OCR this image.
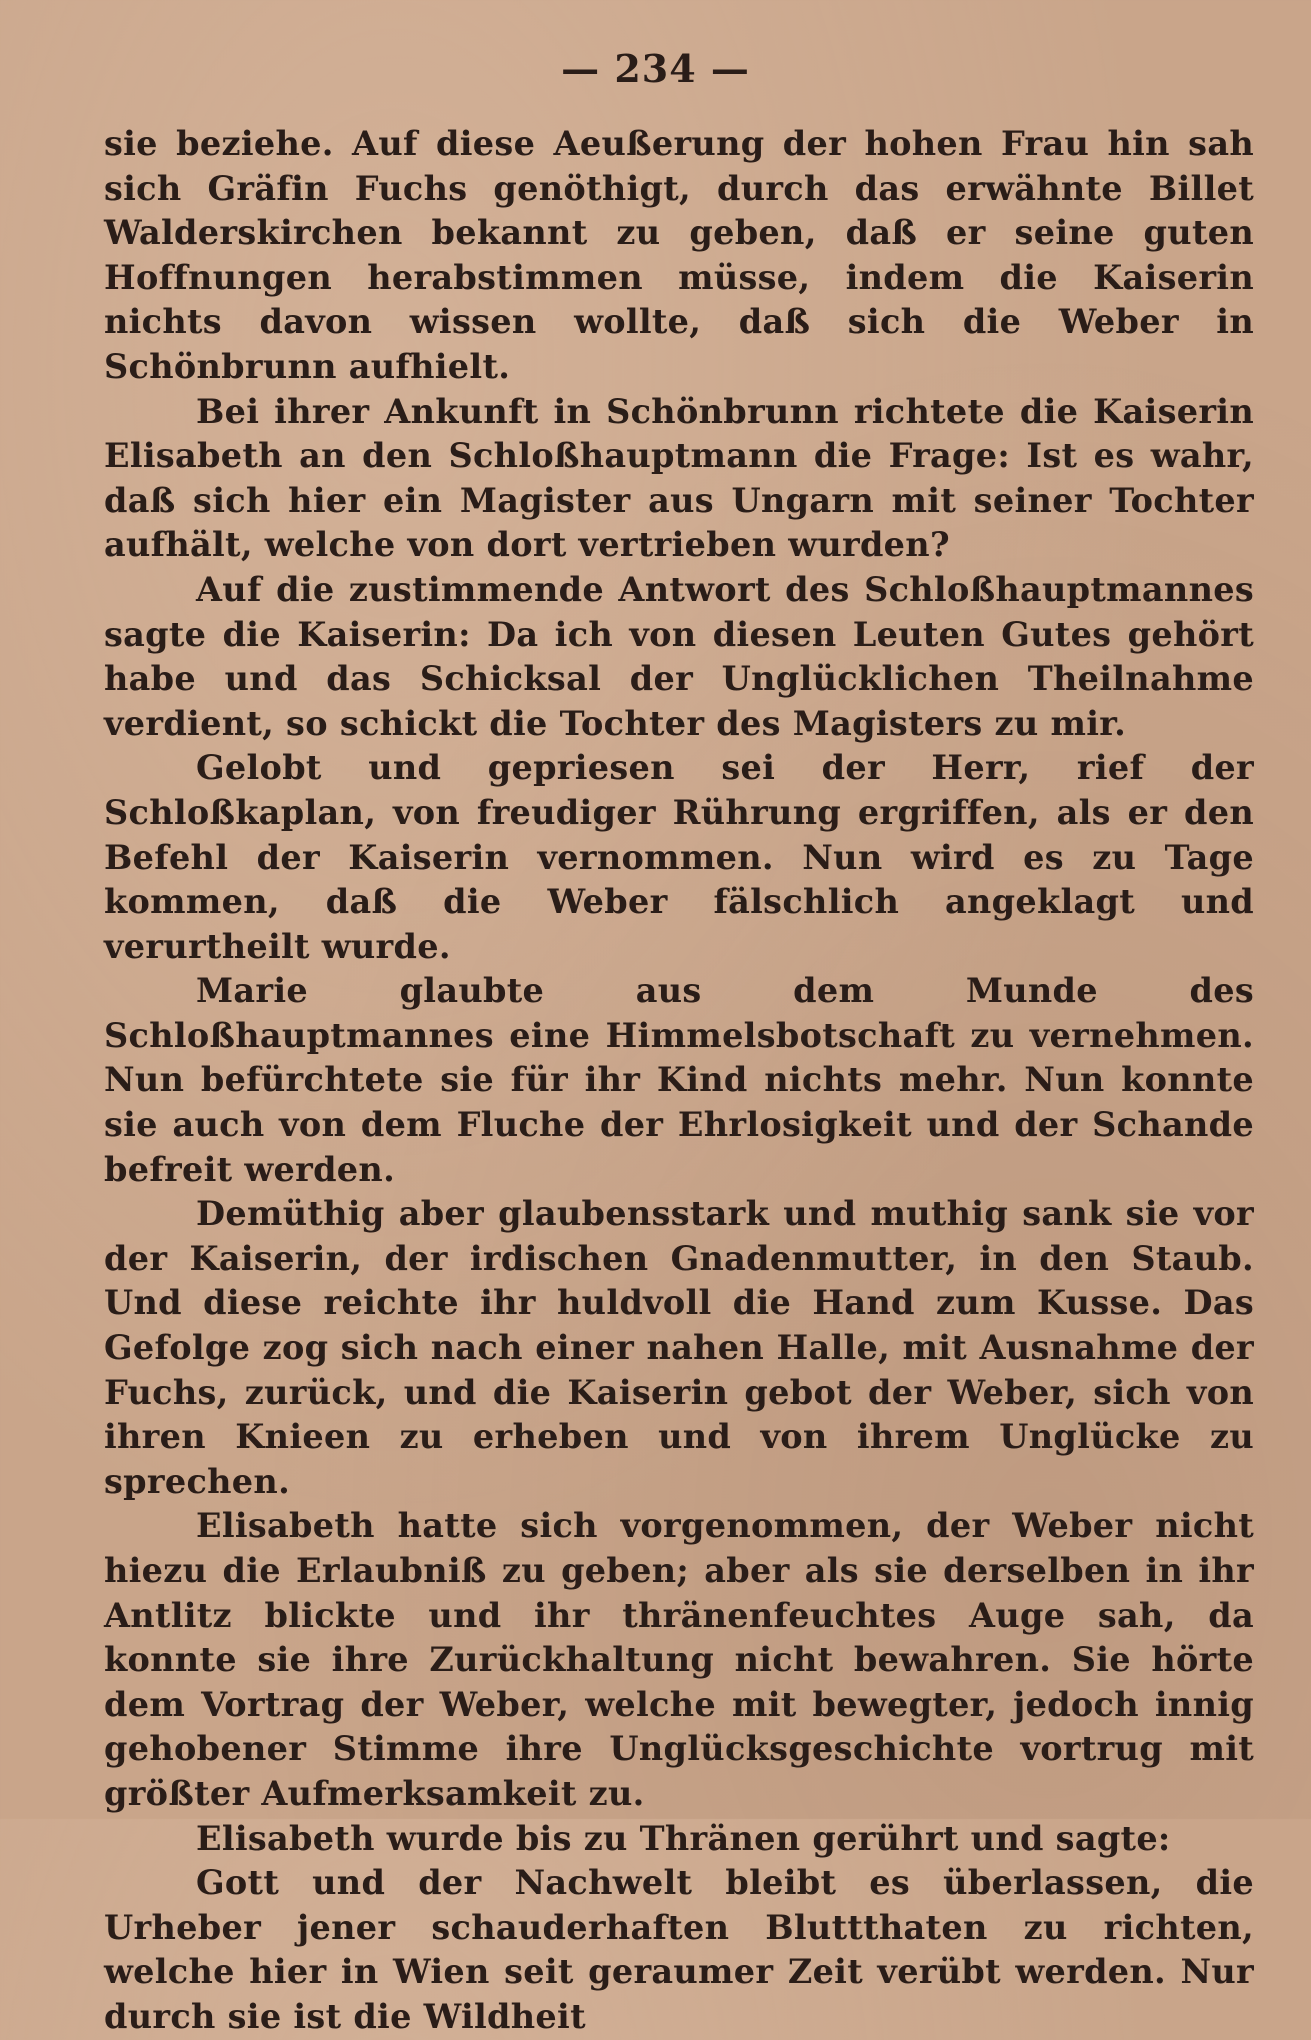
— 234 —

sie beziehe. Auf diese Aeußerung der hohen Frau hin sah sich Gräfin Fuchs genöthigt, durch das erwähnte Billet Walderskirchen bekannt zu geben, daß er seine guten Hoffnungen herabstimmen müsse, indem die Kaiserin nichts davon wissen wollte, daß sich die Weber in Schönbrunn aufhielt.

Bei ihrer Ankunft in Schönbrunn richtete die Kaiserin Elisabeth an den Schloßhauptmann die Frage: Ist es wahr, daß sich hier ein Magister aus Ungarn mit seiner Tochter aufhält, welche von dort vertrieben wurden?

Auf die zustimmende Antwort des Schloßhauptmannes sagte die Kaiserin: Da ich von diesen Leuten Gutes gehört habe und das Schicksal der Unglücklichen Theilnahme verdient, so schickt die Tochter des Magisters zu mir.

Gelobt und gepriesen sei der Herr, rief der Schloßkaplan, von freudiger Rührung ergriffen, als er den Befehl der Kaiserin vernommen. Nun wird es zu Tage kommen, daß die Weber fälschlich angeklagt und verurtheilt wurde.

Marie glaubte aus dem Munde des Schloßhauptmannes eine Himmelsbotschaft zu vernehmen. Nun befürchtete sie für ihr Kind nichts mehr. Nun konnte sie auch von dem Fluche der Ehrlosigkeit und der Schande befreit werden.

Demüthig aber glaubensstark und muthig sank sie vor der Kaiserin, der irdischen Gnadenmutter, in den Staub. Und diese reichte ihr huldvoll die Hand zum Kusse. Das Gefolge zog sich nach einer nahen Halle, mit Ausnahme der Fuchs, zurück, und die Kaiserin gebot der Weber, sich von ihren Knieen zu erheben und von ihrem Unglücke zu sprechen.

Elisabeth hatte sich vorgenommen, der Weber nicht hiezu die Erlaubniß zu geben; aber als sie derselben in ihr Antlitz blickte und ihr thränenfeuchtes Auge sah, da konnte sie ihre Zurückhaltung nicht bewahren. Sie hörte dem Vortrag der Weber, welche mit bewegter, jedoch innig gehobener Stimme ihre Unglücksgeschichte vortrug mit größter Aufmerksamkeit zu.

Elisabeth wurde bis zu Thränen gerührt und sagte:

Gott und der Nachwelt bleibt es überlassen, die Urheber jener schauderhaften Bluttthaten zu richten, welche hier in Wien seit geraumer Zeit verübt werden. Nur durch sie ist die Wildheit
